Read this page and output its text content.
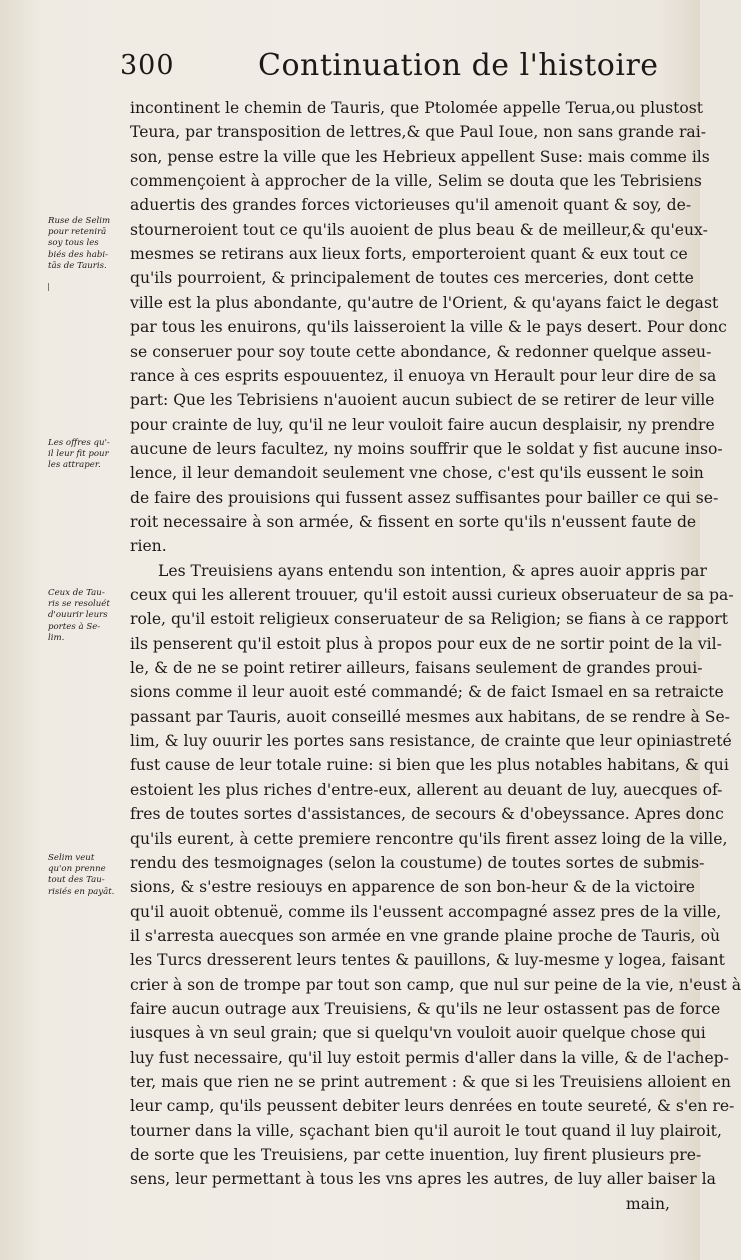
300	Continuation de l'histoire
incontinent le chemin de Tauris, que Ptolomée appelle Terua,ou plustost
Teura, par transposition de lettres,& que Paul Ioue, non sans grande rai-
son, pense estre la ville que les Hebrieux appellent Suse: mais comme ils
commençoient à approcher de la ville, Selim se douta que les Tebrisiens
aduertis des grandes forces victorieuses qu'il amenoit quant & soy, de-
stourneroient tout ce qu'ils auoient de plus beau & de meilleur,& qu'eux-
mesmes se retirans aux lieux forts, emporteroient quant & eux tout ce
qu'ils pourroient, & principalement de toutes ces merceries, dont cette
ville est la plus abondante, qu'autre de l'Orient, & qu'ayans faict le degast
par tous les enuirons, qu'ils laisseroient la ville & le pays desert. Pour donc
se conseruer pour soy toute cette abondance, & redonner quelque asseu-
rance à ces esprits espouuentez, il enuoya vn Herault pour leur dire de sa
part: Que les Tebrisiens n'auoient aucun subiect de se retirer de leur ville
pour crainte de luy, qu'il ne leur vouloit faire aucun desplaisir, ny prendre
aucune de leurs facultez, ny moins souffrir que le soldat y fist aucune inso-
lence, il leur demandoit seulement vne chose, c'est qu'ils eussent le soin
de faire des prouisions qui fussent assez suffisantes pour bailler ce qui se-
roit necessaire à son armée, & fissent en sorte qu'ils n'eussent faute de
rien.
Les Treuisiens ayans entendu son intention, & apres auoir appris par
ceux qui les allerent trouuer, qu'il estoit aussi curieux obseruateur de sa pa-
role, qu'il estoit religieux conseruateur de sa Religion; se fians à ce rapport
ils penserent qu'il estoit plus à propos pour eux de ne sortir point de la vil-
le, & de ne se point retirer ailleurs, faisans seulement de grandes proui-
sions comme il leur auoit esté commandé; & de faict Ismael en sa retraicte
passant par Tauris, auoit conseillé mesmes aux habitans, de se rendre à Se-
lim, & luy ouurir les portes sans resistance, de crainte que leur opiniastreté
fust cause de leur totale ruine: si bien que les plus notables habitans, & qui
estoient les plus riches d'entre-eux, allerent au deuant de luy, auecques of-
fres de toutes sortes d'assistances, de secours & d'obeyssance. Apres donc
qu'ils eurent, à cette premiere rencontre qu'ils firent assez loing de la ville,
rendu des tesmoignages (selon la coustume) de toutes sortes de submis-
sions, & s'estre resiouys en apparence de son bon-heur & de la victoire
qu'il auoit obtenuë, comme ils l'eussent accompagné assez pres de la ville,
il s'arresta auecques son armée en vne grande plaine proche de Tauris, où
les Turcs dresserent leurs tentes & pauillons, & luy-mesme y logea, faisant
crier à son de trompe par tout son camp, que nul sur peine de la vie, n'eust à
faire aucun outrage aux Treuisiens, & qu'ils ne leur ostassent pas de force
iusques à vn seul grain; que si quelqu'vn vouloit auoir quelque chose qui
luy fust necessaire, qu'il luy estoit permis d'aller dans la ville, & de l'achep-
ter, mais que rien ne se print autrement : & que si les Treuisiens alloient en
leur camp, qu'ils peussent debiter leurs denrées en toute seureté, & s'en re-
tourner dans la ville, sçachant bien qu'il auroit le tout quand il luy plairoit,
de sorte que les Treuisiens, par cette inuention, luy firent plusieurs pre-
sens, leur permettant à tous les vns apres les autres, de luy aller baiser la
main,
Ruse de Selim
pour retenirā
soy tous les
biés des habi-
tās de Tauris.
Les offres qu'-
il leur fit pour
les attraper.
Ceux de Tau-
ris se resoluét
d'ouurir leurs
portes à Se-
lim.
Selim veut
qu'on prenne
tout des Tau-
risiés en payāt.
